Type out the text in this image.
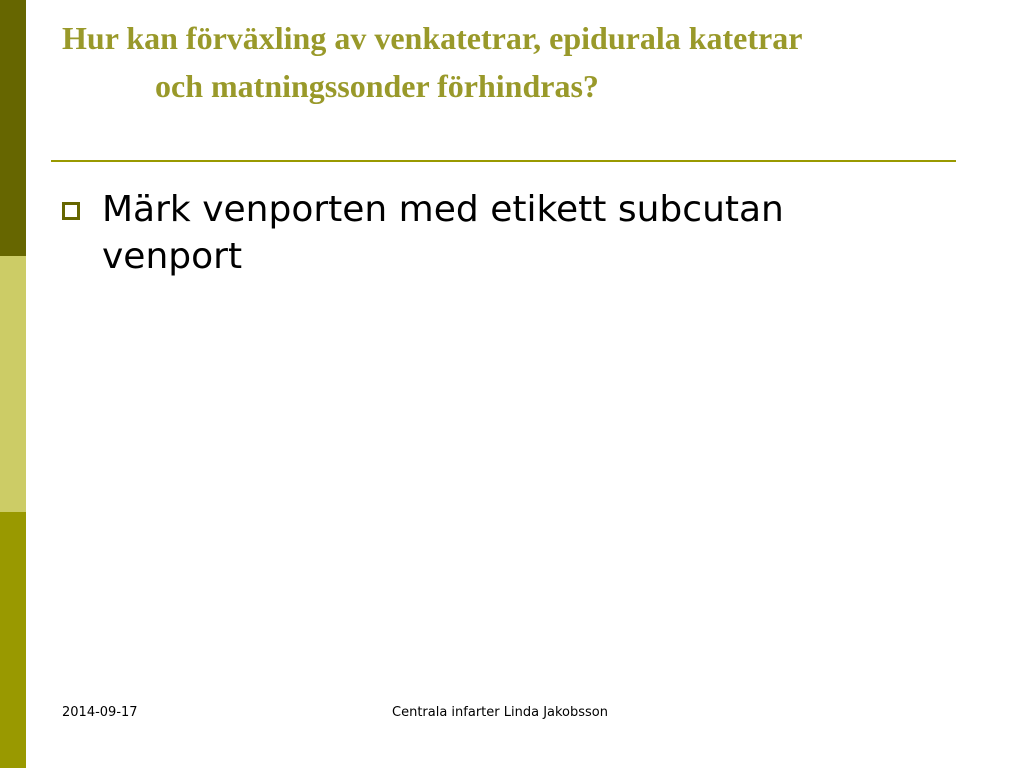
Hur kan förväxling av venkatetrar, epidurala katetrar
och matningssonder förhindras?
Märk venporten med etikett subcutan venport
2014-09-17	Centrala infarter Linda Jakobsson
